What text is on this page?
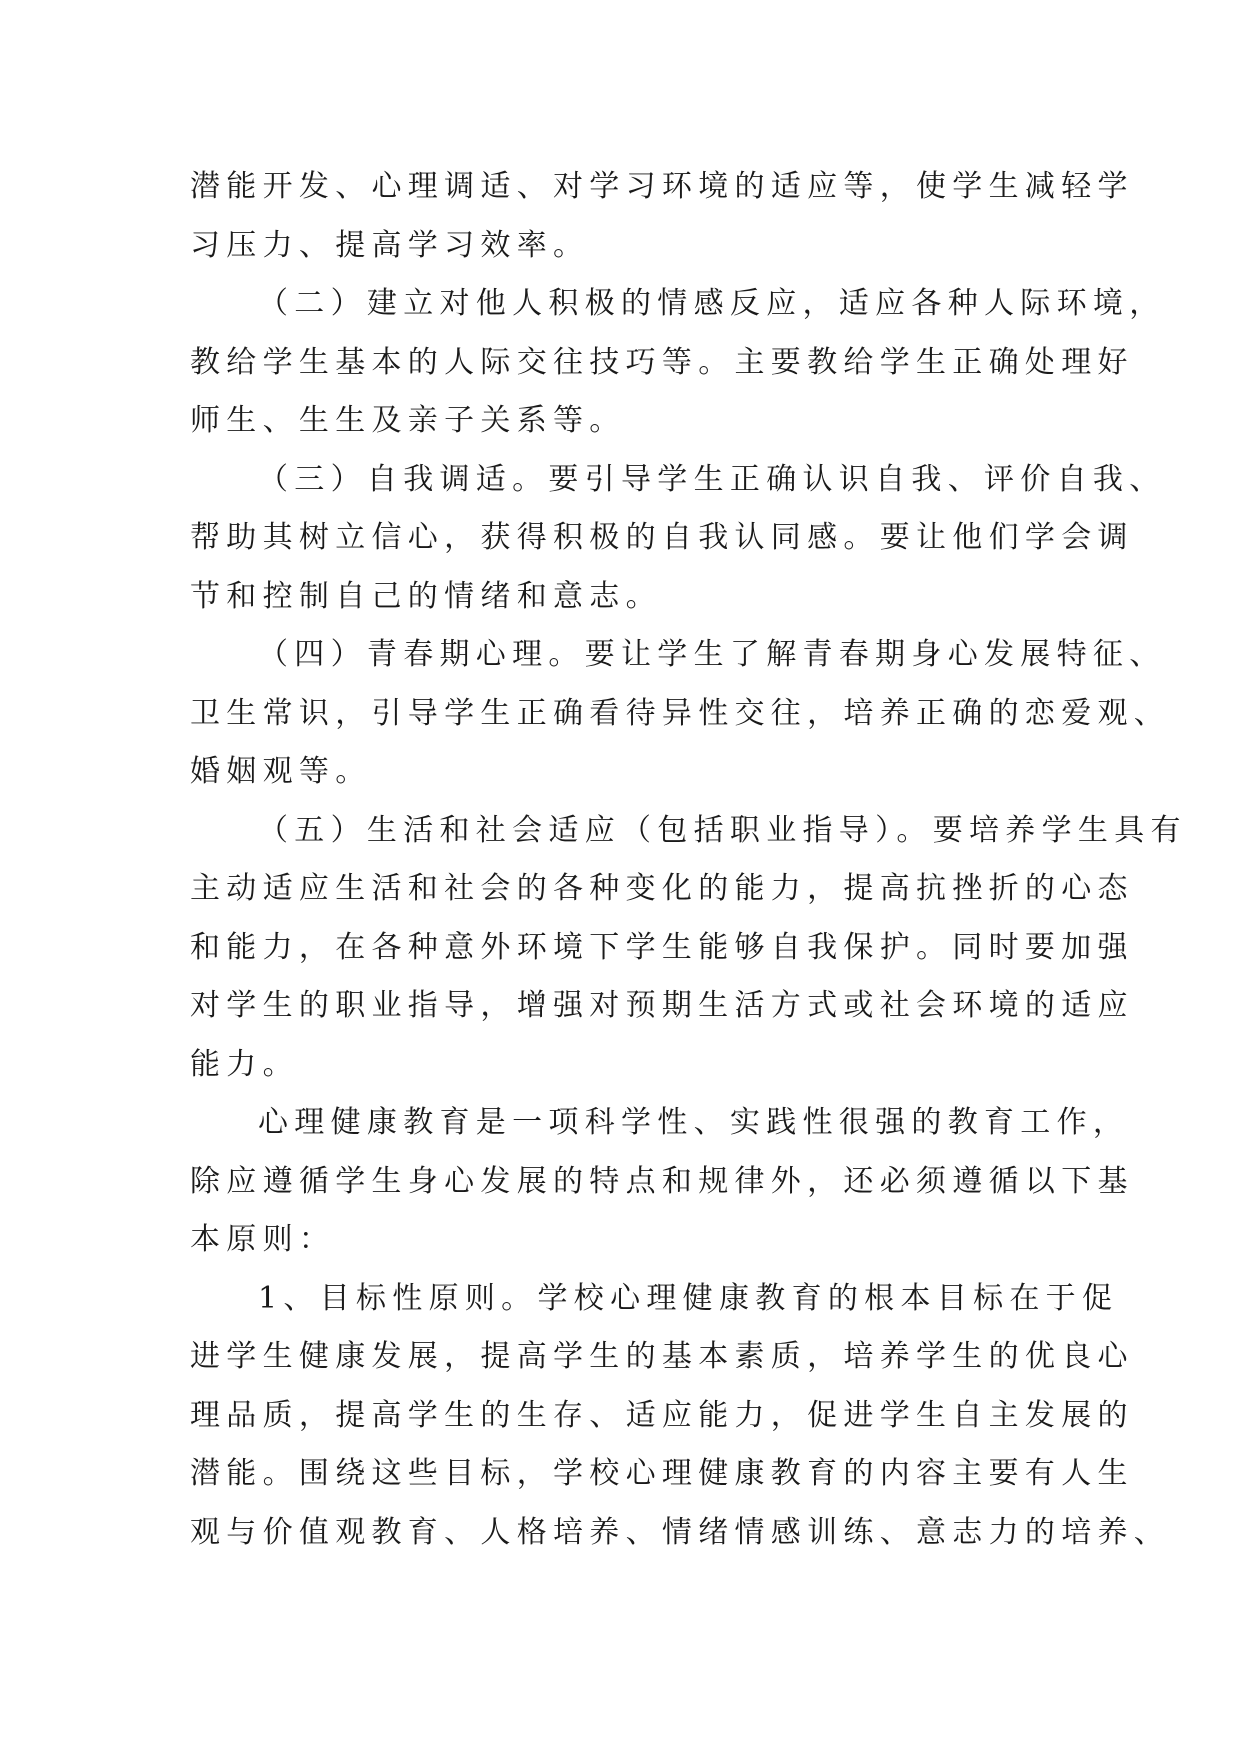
潜能开发、心理调适、对学习环境的适应等，使学生减轻学
习压力、提高学习效率。
（二）建立对他人积极的情感反应，适应各种人际环境，
教给学生基本的人际交往技巧等。主要教给学生正确处理好
师生、生生及亲子关系等。
（三）自我调适。要引导学生正确认识自我、评价自我、
帮助其树立信心，获得积极的自我认同感。要让他们学会调
节和控制自己的情绪和意志。
（四）青春期心理。要让学生了解青春期身心发展特征、
卫生常识，引导学生正确看待异性交往，培养正确的恋爱观、
婚姻观等。
（五）生活和社会适应（包括职业指导）。要培养学生具有
主动适应生活和社会的各种变化的能力，提高抗挫折的心态
和能力，在各种意外环境下学生能够自我保护。同时要加强
对学生的职业指导，增强对预期生活方式或社会环境的适应
能力。
心理健康教育是一项科学性、实践性很强的教育工作，
除应遵循学生身心发展的特点和规律外，还必须遵循以下基
本原则：
1、目标性原则。学校心理健康教育的根本目标在于促
进学生健康发展，提高学生的基本素质，培养学生的优良心
理品质，提高学生的生存、适应能力，促进学生自主发展的
潜能。围绕这些目标，学校心理健康教育的内容主要有人生
观与价值观教育、人格培养、情绪情感训练、意志力的培养、
